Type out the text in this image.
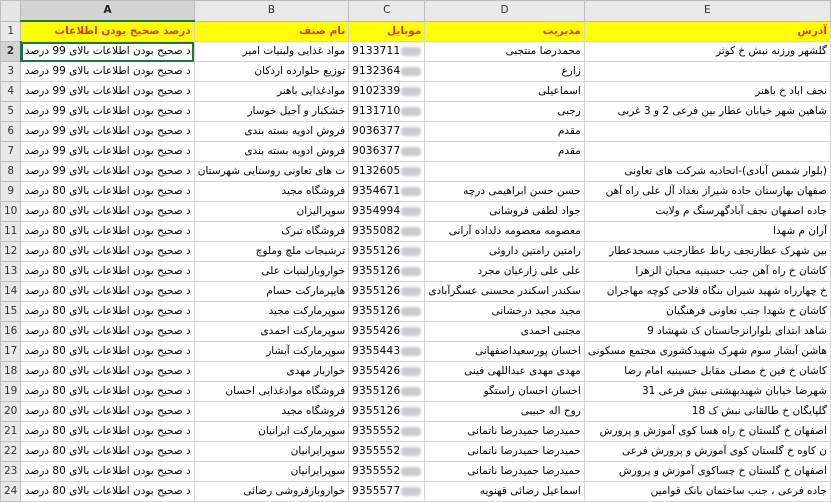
	A	B	C	D	E
1	درصد صحیح بودن اطلاعات	نام صنف	موبایل	مدیریت	آدرس
2	د صحیح بودن اطلاعات بالای 99 درصد	مواد غذایی ولبنیات امیر	9133711	محمدرضا منتجبی	گلشهر ورزنه نبش خ کوثر
3	د صحیح بودن اطلاعات بالای 99 درصد	توزیع حلوارده اردکان	9132364	زارع	
4	د صحیح بودن اطلاعات بالای 99 درصد	موادغذایی باهنر	9102339	اسماعیلی	نجف اباد خ باهنر
5	د صحیح بودن اطلاعات بالای 99 درصد	خشکبار و آجیل خوسار	9131710	رجبی	شاهین شهر خیابان عطار بین فرعی 2 و 3 غربی
6	د صحیح بودن اطلاعات بالای 99 درصد	فروش ادویه بسته بندی	9036377	مقدم	
7	د صحیح بودن اطلاعات بالای 99 درصد	فروش ادویه بسته بندی	9036377	مقدم	
8	د صحیح بودن اطلاعات بالای 99 درصد	ت های تعاونی روستایی شهرستان	9132605		(بلوار شمس آبادی)-اتحادیه شرکت های تعاونی
9	د صحیح بودن اطلاعات بالای 80 درصد	فروشگاه مجید	9354671	حسن حسن ابراهیمی درچه	صفهان بهارستان جاده شیراز بغداد آل علی راه آهن
10	د صحیح بودن اطلاعات بالای 80 درصد	سوپرالیزان	9354994	جواد لطفی فروشانی	جاده اصفهان نجف آبادگهرسنگ م ولایت
11	د صحیح بودن اطلاعات بالای 80 درصد	فروشگاه تبرک	9355082	معصومه معصومه دلداده آرانی	آران م شهدا
12	د صحیح بودن اطلاعات بالای 80 درصد	ترشیجات ملچ وملوچ	9355126	رامتین رامتین داروئی	بین شهرک عطارنجف رباط عطارجنب مسجدعطار
13	د صحیح بودن اطلاعات بالای 80 درصد	خواروبارلبنیات علی	9355126	علی علی زارعیان مجرد	کاشان خ راه آهن جنب حسینیه محبان الزهرا
14	د صحیح بودن اطلاعات بالای 80 درصد	هایپرمارکت حسام	9355126	سکندر اسکندر محسنی عسگرآبادی	خ چهارراه شهید شیران بنگاه فلاحی کوچه مهاجران
15	د صحیح بودن اطلاعات بالای 80 درصد	سوپرمارکت مجید	9355126	مجید مجید درخشانی	کاشان خ شهدا جنب تعاونی فرهنگیان
16	د صحیح بودن اطلاعات بالای 80 درصد	سوپرمارکت احمدی	9355426	مجتبی احمدی	شاهد ابتدای بلوارانزجانستان ک شهشاد 9
17	د صحیح بودن اطلاعات بالای 80 درصد	سوپرمارکت آبشار	9355443	احسان پورسعیداصفهانی	هاشن آبشار سوم شهرک شهیدکشوری مجتمع مسکونی
18	د صحیح بودن اطلاعات بالای 80 درصد	خواربار مهدی	9355426	مهدی مهدی عبداللهی فینی	کاشان خ فین خ مصلی مقابل حسینیه امام رضا
19	د صحیح بودن اطلاعات بالای 80 درصد	فروشگاه موادغذایی احسان	9355126	احسان احسان راستگو	شهرضا خیابان شهیدبهشتی نبش فرعی 31
20	د صحیح بودن اطلاعات بالای 80 درصد	فروشگاه مجید	9355126	روح اله حبیبی	گلپایگان خ طالقانی نبش ک 18
21	د صحیح بودن اطلاعات بالای 80 درصد	سوپرمارکت ایرانیان	9355552	حمیدرضا حمیدرضا ناتمانی	اصفهان خ گلستان خ راه هسا کوی آموزش و پرورش
22	د صحیح بودن اطلاعات بالای 80 درصد	سوپرایرانیان	9355552	حمیدرضا حمیدرضا ناتمانی	ن کاوه خ گلستان کوی آموزش و پرورش فرعی
23	د صحیح بودن اطلاعات بالای 80 درصد	سوپرایرانیان	9355552	حمیدرضا حمیدرضا ناتمانی	اصفهان خ گلستان خ چساکوی آموزش و پرورش
24	د صحیح بودن اطلاعات بالای 80 درصد	خواروبارفروشی رضائی	9355577	اسماعیل رضائی قهنویه	جاده فرعی ، جنب ساختمان بانک قوامین
